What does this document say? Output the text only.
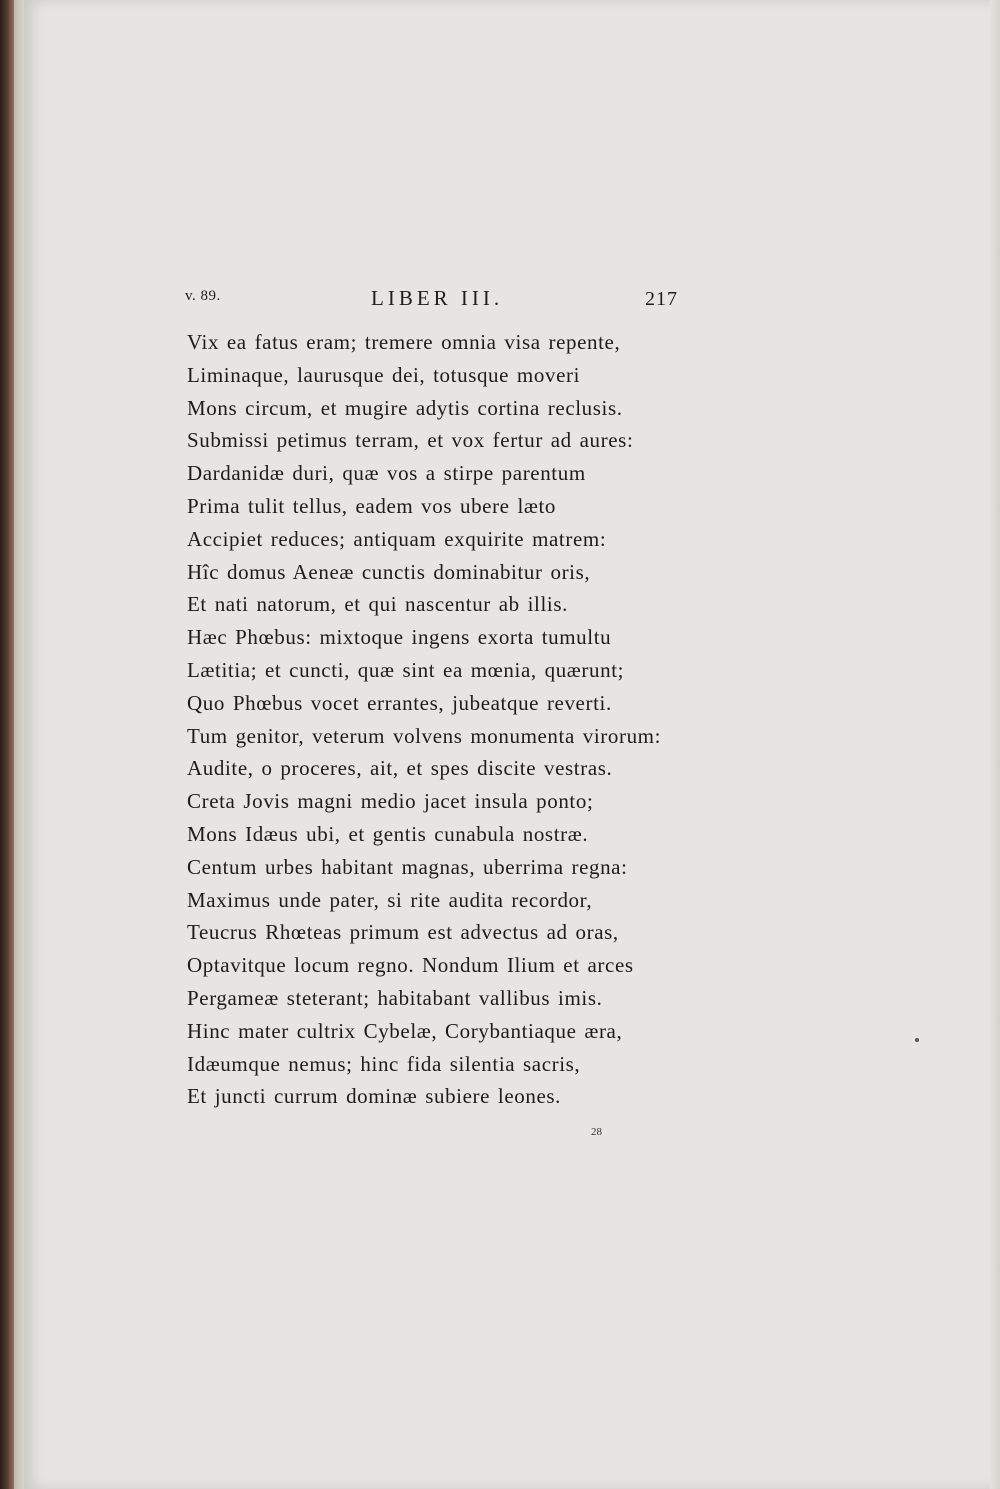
v. 89.	LIBER III.	217
Vix ea fatus eram; tremere omnia visa repente,
Liminaque, laurusque dei, totusque moveri
Mons circum, et mugire adytis cortina reclusis.
Submissi petimus terram, et vox fertur ad aures:
Dardanidæ duri, quæ vos a stirpe parentum
Prima tulit tellus, eadem vos ubere læto
Accipiet reduces; antiquam exquirite matrem:
Hîc domus Aeneæ cunctis dominabitur oris,
Et nati natorum, et qui nascentur ab illis.
Hæc Phœbus: mixtoque ingens exorta tumultu
Lætitia; et cuncti, quæ sint ea mœnia, quærunt;
Quo Phœbus vocet errantes, jubeatque reverti.
Tum genitor, veterum volvens monumenta virorum:
Audite, o proceres, ait, et spes discite vestras.
Creta Jovis magni medio jacet insula ponto;
Mons Idæus ubi, et gentis cunabula nostræ.
Centum urbes habitant magnas, uberrima regna:
Maximus unde pater, si rite audita recordor,
Teucrus Rhœteas primum est advectus ad oras,
Optavitque locum regno. Nondum Ilium et arces
Pergameæ steterant; habitabant vallibus imis.
Hinc mater cultrix Cybelæ, Corybantiaque æra,
Idæumque nemus; hinc fida silentia sacris,
Et juncti currum dominæ subiere leones.
28
